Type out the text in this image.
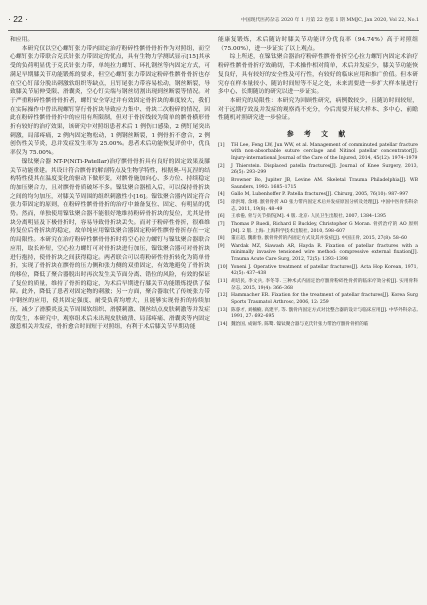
· 22 ·	中国现代医药杂志 2020 年 1 月第 22 卷第 1 期 MMJC, Jan 2020, Vol 22, No.1

和应用。

本研究仅以空心螺钉张力带内固定治疗粉碎性髌骨骨折作为对照组，而空心螺钉张力带联合克氏针张力带固定的优点，具有生物力学测试显示[15]其承受的负荷明显优于克氏针张力带，单纯拉力螺钉、环扎钢丝等内固定方式，可满足早期膝关节功能锻炼的要求，但空心螺钉张力带固定粉碎性髌骨骨折也存在空心钉部分脱出刺激软组织等缺点，且钉尾张力带容易松动，钢丝断裂，导致膝关节屈伸受限、滑囊炎，空心钉尖端与钢丝切割出现到丝断裂等情况。对于严重粉碎性髌骨骨折者，螺钉安全穿过并有效固定骨折块的难度较大，我们在实际操作中曾出现螺钉穿行骨折块导致应力集中、骨块二次粉碎的情况，因此在粉碎性髌骨骨折中的应用有所限制，但对于骨折线较为简单的髌骨横形骨折有较好的治疗效果，该研究中对照组患者术后 1 例伤口感染，2 例钉尾突出刺激，局部疼痛，2 例内固定物松动，1 例钢丝断裂，1 例骨折不愈合，2 例创伤性关节炎，总并发症发生率为 25.00%。患者术后功能恢复评价中，优良率仅为 75.00%。

镍钛聚合器 NT-P(NiTi-Patellar)治疗髌骨骨折具有良好的固定效果及膝关节功能重建。其设计符合髌骨的解剖特点及生物学特性，根据奥-马瓦涅的结构特性使其在温度变化的驱动下做形变，对髌骨施加向心、多方位、持续稳定的加压聚合力，且对髌骨骨质破坏不多。镍钛聚合器植入后，可以保持骨折块之间的均匀加压，对膝关节周围的组织刺激性小[16]。镍钛聚合器内固定符合张力带固定的原则，在粉碎性髌骨骨折的治疗中兼备复位、固定、有明显的优势。然而，单独使用镍钛聚合器不能很好地维持粉碎骨折块的复位，尤其是骨块分离明显及下极骨折时，容易导致骨折块丢失。而对于粉碎性骨折，很难维持复位后骨折块的稳定，故单纯应用镍钛聚合器固定粉碎性髌骨骨折存在一定的局限性。本研究在治疗粉碎性髌骨骨折时将空心拉力螺钉与镍钛聚合器联合应用，取长补短，空心拉力螺钉可对骨折块进行加压，镍钛聚合器可对骨折块进行抱持，使骨折块之间获得稳定。两者联合可以将粉碎性骨折转化为简单骨折，实现了骨折块在髌骨的压力侧和张力侧的双重固定，有效地避免了骨折块的移位，降低了聚合器脱出时再次发生关节面分离、错位的风险，有效的保证了复位的质量，维持了骨折的稳定，为术后早期进行膝关节功能锻炼提供了保障。此外，降低了患者对固定物的刺激；另一方面，聚合器取代了传统张力带中钢丝的应用，使其固定强度、耐受负荷均增大，且能够实现骨折的持续加压，减少了滑膜炎及关节周围软组织、滑膜刺激、钢丝结点皮肤刺激等并发症的发生，本研究中，观察组术后未出现皮肤破溃、局部疼痛、滑囊炎等内固定激惹相关并发症，骨折愈合时间短于对照组，有利于术后膝关节早期功能

能康复锻炼，术后随访时膝关节功能评分优良率（94.74%）高于对照组（75.00%），进一步证实了以上观点。

综上所述，在镍钛聚合器治疗粉碎性髌骨骨折空心拉力螺钉内固定术治疗粉碎性髌骨骨折疗效确切，手术操作相对简单，术后并发症少，膝关节功能恢复良好，具有较好的安全性及可行性，有较好的临床应用和推广价值。但本研究存在样本量较小、随访时间短等不足之处，未来需要进一步扩大样本量进行多中心、长期随访的研究以进一步证实。

本研究的局限性：本研究为回顾性研究，病例数较少，且随访时间较短，对于远期疗效及并发症的观察尚不充分，今后需要开展大样本、多中心、前瞻性随机对照研究进一步验证。

参 考 文 献
[1] TH Lee, Feng LW, Jun WW, et al. Management of comminuted patellar fracture with non-absorbable suture cerclage and Nitinol patellar concentrator[J]. Injury-international Journal of the Care of the Injured, 2014, 45(12): 1974–1979
[2] J Thierstein. Displaced patella fractures[J]. Journal of Knee Surgery, 2013, 26(5): 293–299
[3] Browner Bo, Jupiter JB, Levine AM. Skeletal Trauma Philadelphia[J]. WB Saunders, 1992: 1685–1715
[4] Gallo M, Lubenhoffer P. Patella fractures[J]. Chirurg, 2005, 76(10): 987–997
[5] 徐洪琦, 余翊. 髌骨骨折 AO 张力带内固定术后并发症原因分析及处理[J]. 中国中医骨伤科杂志, 2011, 19(8): 48–49
[6] 王承倦, 骨与关节损伤[M]. 4 版. 北京: 人民卫生出版社, 2007, 1384–1395
[7] Thomas P Ruedi, Richard E Buckley, Christopher G Moran. 骨折治疗的 AO 原则[M]. 2 版. 上海: 上海科学技术出版社, 2010, 598–607
[8] 董正超, 魏新春, 髌骨骨折的内固定方式及其并发症[J]. 中国正骨, 2015, 27(8): 58–60
[9] Wardak MZ, Siawash AR, Hayda R. Fixation of patellar fractures with a minimally invasive tensioned wire method: compressive external fixation[J]. Trauma Acute Care Surg, 2012, 72(5): 1393–1398
[10] Yoneni J. Operative treatment of patellar fractures[J]. Acta Hop Korean, 1971, 42(5): 437–438
[11] 胡培民, 李文兵, 李冬等. 三种术式内固定治疗髌骨粉碎性骨折的临床疗效分析[J]. 实用骨科杂志, 2015, 19(4): 366–368
[12] Hammacher ER. Fixation for the treatment of patellar fractures[J]. Korea Surg Sports Traumatol Arthrosc, 2006, 12: 259
[13] 陈睿才, 刘楠楠, 高建平, 等. 髌骨内固定方式对比整合器的设计与临床应用[J]. 中华外科杂志, 1991, 27: 692–695
[14] 魏治国, 成锡华, 陈鹭. 镍钛聚合器与克氏针张力带治疗髌骨骨折的临
